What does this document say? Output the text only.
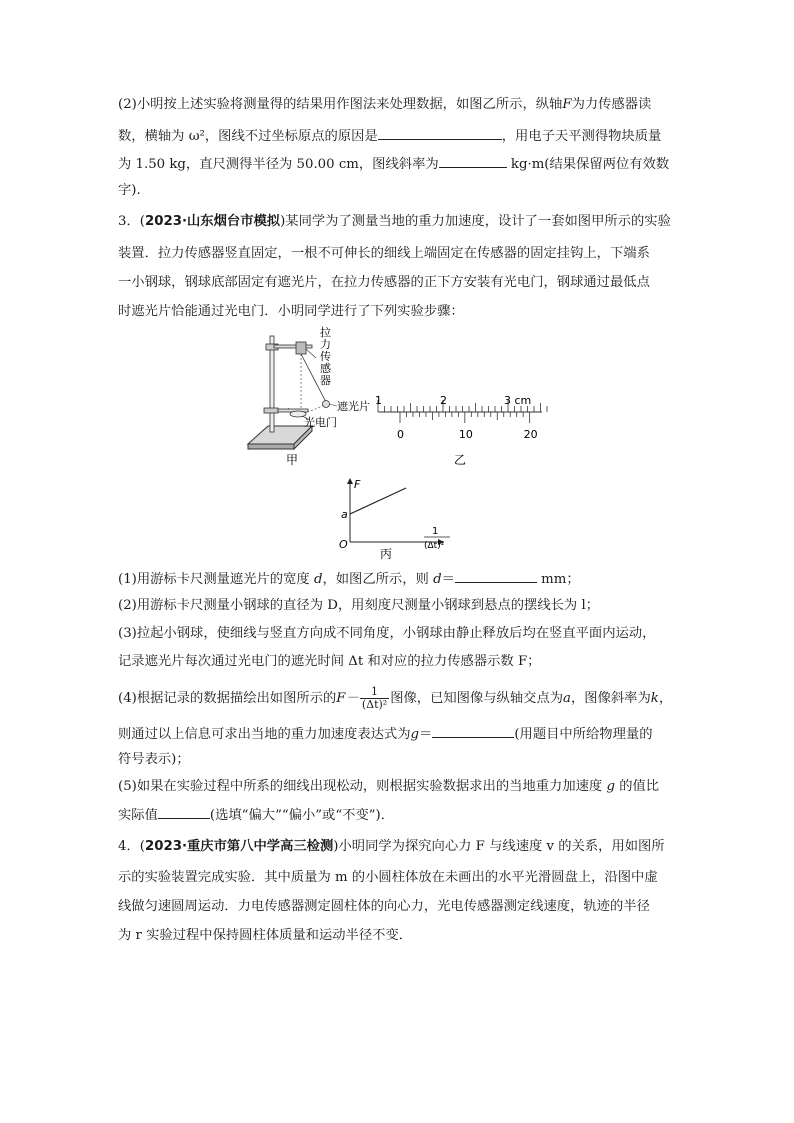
(2)小明按上述实验将测量得的结果用作图法来处理数据，如图乙所示，纵轴F为力传感器读
数，横轴为 ω²，图线不过坐标原点的原因是	，用电子天平测得物块质量
为 1.50 kg，直尺测得半径为 50.00 cm，图线斜率为	kg·m(结果保留两位有效数
字).
3．(2023·山东烟台市模拟)某同学为了测量当地的重力加速度，设计了一套如图甲所示的实验
装置．拉力传感器竖直固定，一根不可伸长的细线上端固定在传感器的固定挂钩上，下端系
一小钢球，钢球底部固定有遮光片，在拉力传感器的正下方安装有光电门，钢球通过最低点
时遮光片恰能通过光电门．小明同学进行了下列实验步骤：
拉
力
传
感
器
遮光片
光电门
甲
1	2	3 cm
0	10	20
乙
F
a
O
1
(Δt)²
丙
(1)用游标卡尺测量遮光片的宽度 d，如图乙所示，则 d＝	mm；
(2)用游标卡尺测量小钢球的直径为 D，用刻度尺测量小钢球到悬点的摆线长为 l；
(3)拉起小钢球，使细线与竖直方向成不同角度，小钢球由静止释放后均在竖直平面内运动，
记录遮光片每次通过光电门的遮光时间 Δt 和对应的拉力传感器示数 F；
(4)根据记录的数据描绘出如图所示的$F- \frac{1}{\text{(Δt)²}}$ 图像，已知图像与纵轴交点为a，图像斜率为k，
则通过以上信息可求出当地的重力加速度表达式为g＝	(用题目中所给物理量的
符号表示)；
(5)如果在实验过程中所系的细线出现松动，则根据实验数据求出的当地重力加速度 g 的值比
实际值	(选填“偏大”“偏小”或“不变”)．
4．(2023·重庆市第八中学高三检测)小明同学为探究向心力 F 与线速度 v 的关系，用如图所
示的实验装置完成实验．其中质量为 m 的小圆柱体放在未画出的水平光滑圆盘上，沿图中虚
线做匀速圆周运动．力电传感器测定圆柱体的向心力，光电传感器测定线速度，轨迹的半径
为 r 实验过程中保持圆柱体质量和运动半径不变．
